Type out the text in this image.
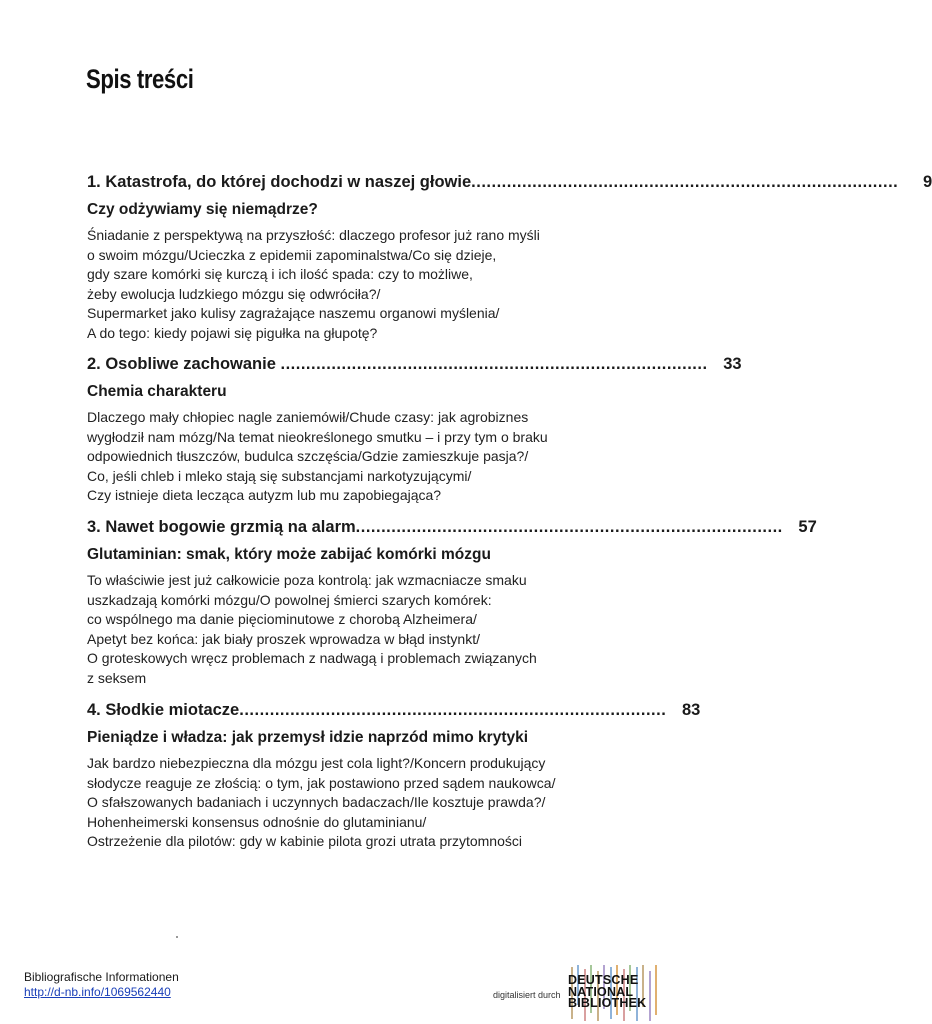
Spis treści
1. Katastrofa, do której dochodzi w naszej głowie....................................................................................	9
Czy odżywiamy się niemądrze?
Śniadanie z perspektywą na przyszłość: dlaczego profesor już rano myśli
o swoim mózgu/Ucieczka z epidemii zapominalstwa/Co się dzieje,
gdy szare komórki się kurczą i ich ilość spada: czy to możliwe,
żeby ewolucja ludzkiego mózgu się odwróciła?/
Supermarket jako kulisy zagrażające naszemu organowi myślenia/
A do tego: kiedy pojawi się pigułka na głupotę?
2. Osobliwe zachowanie .................................................................................... 33
Chemia charakteru
Dlaczego mały chłopiec nagle zaniemówił/Chude czasy: jak agrobiznes
wygłodził nam mózg/Na temat nieokreślonego smutku – i przy tym o braku
odpowiednich tłuszczów, budulca szczęścia/Gdzie zamieszkuje pasja?/
Co, jeśli chleb i mleko stają się substancjami narkotyzującymi/
Czy istnieje dieta lecząca autyzm lub mu zapobiegająca?
3. Nawet bogowie grzmią na alarm.................................................................................... 57
Glutaminian: smak, który może zabijać komórki mózgu
To właściwie jest już całkowicie poza kontrolą: jak wzmacniacze smaku
uszkadzają komórki mózgu/O powolnej śmierci szarych komórek:
co wspólnego ma danie pięciominutowe z chorobą Alzheimera/
Apetyt bez końca: jak biały proszek wprowadza w błąd instynkt/
O groteskowych wręcz problemach z nadwagą i problemach związanych
z seksem
4. Słodkie miotacze.................................................................................... 83
Pieniądze i władza: jak przemysł idzie naprzód mimo krytyki
Jak bardzo niebezpieczna dla mózgu jest cola light?/Koncern produkujący
słodycze reaguje ze złością: o tym, jak postawiono przed sądem naukowca/
O sfałszowanych badaniach i uczynnych badaczach/Ile kosztuje prawda?/
Hohenheimerski konsensus odnośnie do glutaminianu/
Ostrzeżenie dla pilotów: gdy w kabinie pilota grozi utrata przytomności
Bibliografische Informationen
http://d-nb.info/1069562440	digitalisiert durch
DEUTSCHE
NATIONAL
BIBLIOTHEK
